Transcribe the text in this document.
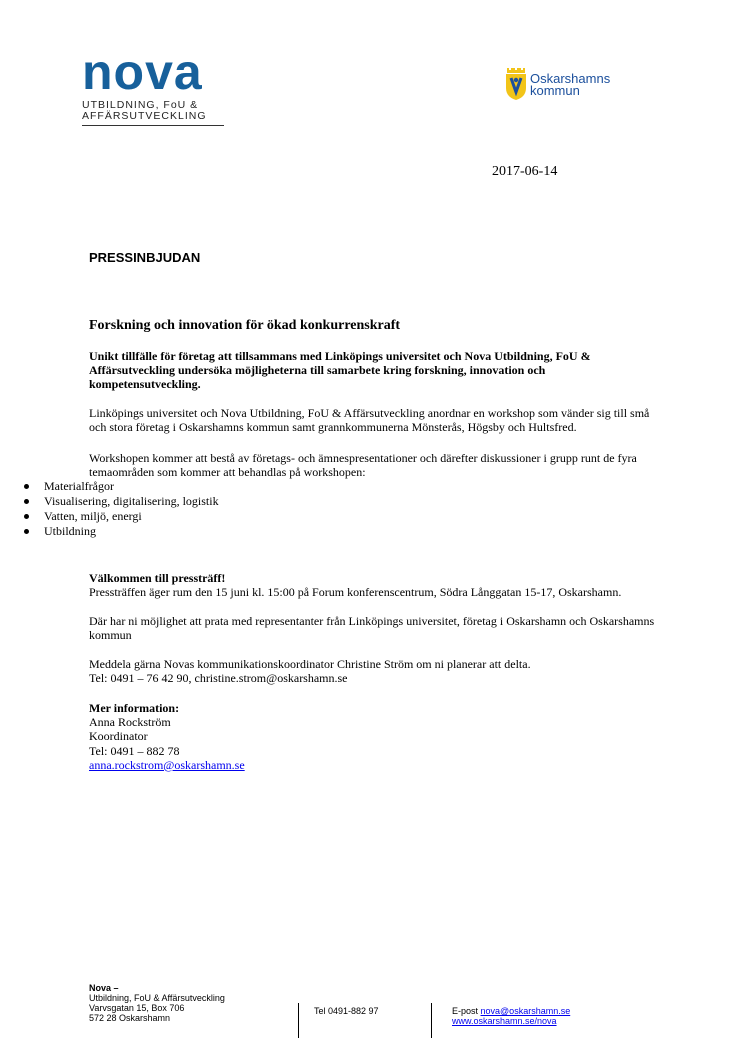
nova
UTBILDNING, FoU &
AFFÄRSUTVECKLING
Oskarshamns
kommun
2017-06-14
PRESSINBJUDAN
Forskning och innovation för ökad konkurrenskraft
Unikt tillfälle för företag att tillsammans med Linköpings universitet och Nova Utbildning, FoU & Affärsutveckling undersöka möjligheterna till samarbete kring forskning, innovation och kompetensutveckling.
Linköpings universitet och Nova Utbildning, FoU & Affärsutveckling anordnar en workshop som vänder sig till små och stora företag i Oskarshamns kommun samt grannkommunerna Mönsterås, Högsby och Hultsfred.
Workshopen kommer att bestå av företags- och ämnespresentationer och därefter diskussioner i grupp runt de fyra temaområden som kommer att behandlas på workshopen:
Materialfrågor
Visualisering, digitalisering, logistik
Vatten, miljö, energi
Utbildning
Välkommen till pressträff!
Pressträffen äger rum den 15 juni kl. 15:00 på Forum konferenscentrum, Södra Långgatan 15-17, Oskarshamn.
Där har ni möjlighet att prata med representanter från Linköpings universitet, företag i Oskarshamn och Oskarshamns kommun
Meddela gärna Novas kommunikationskoordinator Christine Ström om ni planerar att delta.
Tel: 0491 – 76 42 90, christine.strom@oskarshamn.se
Mer information:
Anna Rockström
Koordinator
Tel: 0491 – 882 78
anna.rockstrom@oskarshamn.se
Nova –
Utbildning, FoU & Affärsutveckling
Varvsgatan 15, Box 706
572 28 Oskarshamn
Tel 0491-882 97	E-post nova@oskarshamn.se
www.oskarshamn.se/nova
